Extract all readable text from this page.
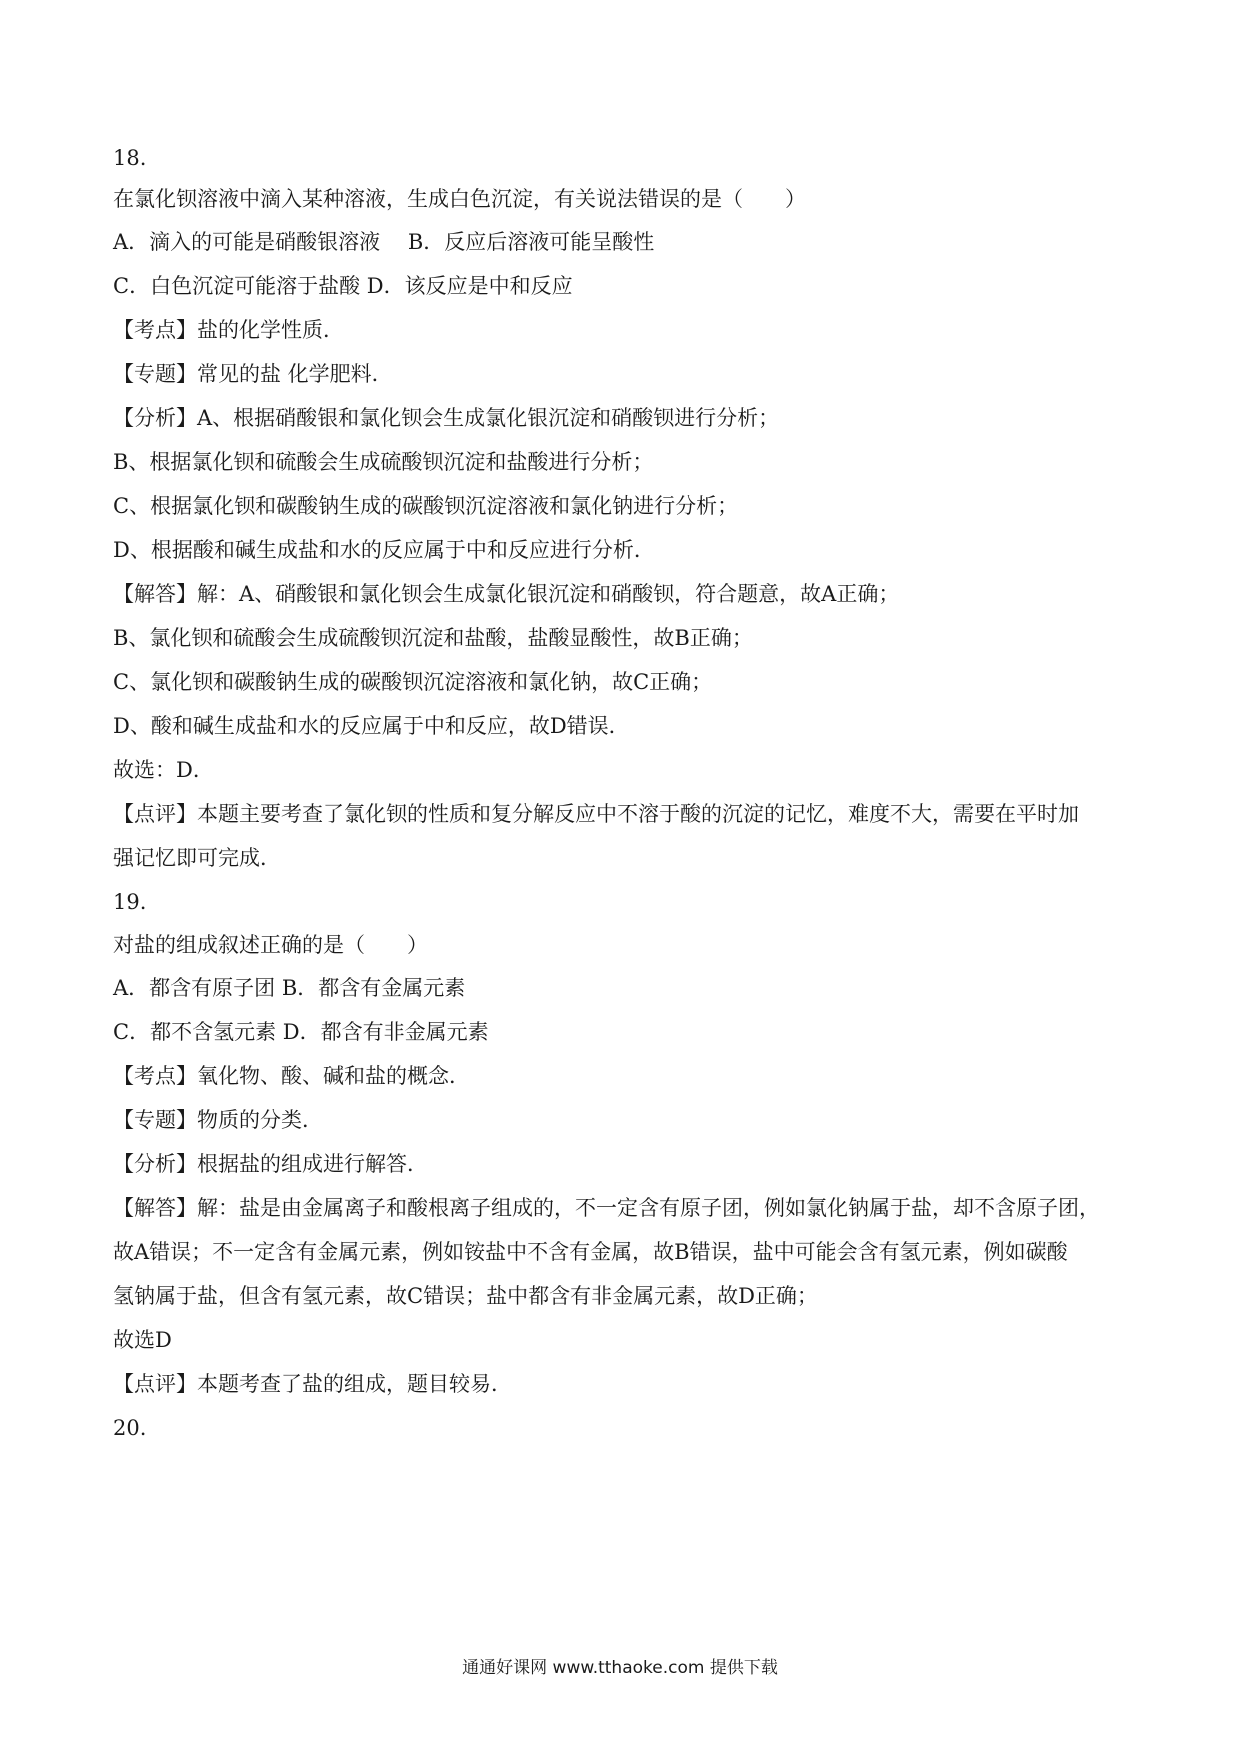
18.
在氯化钡溶液中滴入某种溶液，生成白色沉淀，有关说法错误的是（　　）
A．滴入的可能是硝酸银溶液　 B．反应后溶液可能呈酸性
C．白色沉淀可能溶于盐酸 D．该反应是中和反应
【考点】盐的化学性质．
【专题】常见的盐 化学肥料．
【分析】A、根据硝酸银和氯化钡会生成氯化银沉淀和硝酸钡进行分析；
B、根据氯化钡和硫酸会生成硫酸钡沉淀和盐酸进行分析；
C、根据氯化钡和碳酸钠生成的碳酸钡沉淀溶液和氯化钠进行分析；
D、根据酸和碱生成盐和水的反应属于中和反应进行分析．
【解答】解：A、硝酸银和氯化钡会生成氯化银沉淀和硝酸钡，符合题意，故A正确；
B、氯化钡和硫酸会生成硫酸钡沉淀和盐酸，盐酸显酸性，故B正确；
C、氯化钡和碳酸钠生成的碳酸钡沉淀溶液和氯化钠，故C正确；
D、酸和碱生成盐和水的反应属于中和反应，故D错误．
故选：D．
【点评】本题主要考查了氯化钡的性质和复分解反应中不溶于酸的沉淀的记忆，难度不大，需要在平时加
强记忆即可完成．
19.
对盐的组成叙述正确的是（　　）
A．都含有原子团 B．都含有金属元素
C．都不含氢元素 D．都含有非金属元素
【考点】氧化物、酸、碱和盐的概念．
【专题】物质的分类．
【分析】根据盐的组成进行解答．
【解答】解：盐是由金属离子和酸根离子组成的，不一定含有原子团，例如氯化钠属于盐，却不含原子团，
故A错误；不一定含有金属元素，例如铵盐中不含有金属，故B错误，盐中可能会含有氢元素，例如碳酸
氢钠属于盐，但含有氢元素，故C错误；盐中都含有非金属元素，故D正确；
故选D
【点评】本题考查了盐的组成，题目较易．
20.
通通好课网 www.tthaoke.com 提供下载
